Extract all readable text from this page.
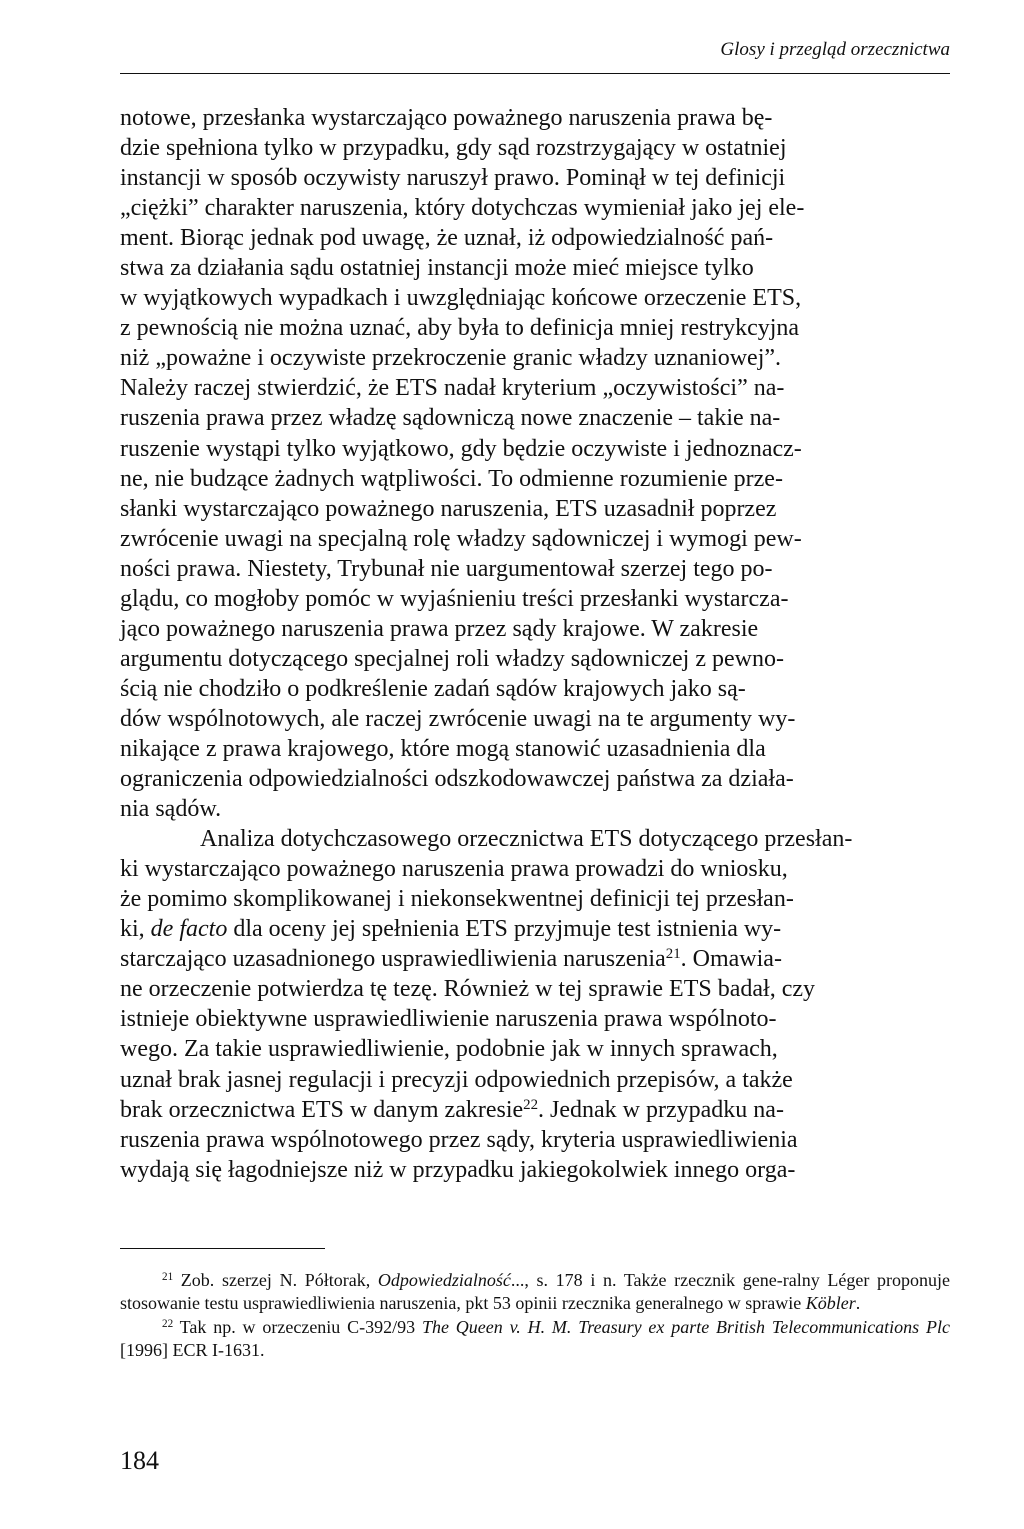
Glosy i przegląd orzecznictwa

notowe, przesłanka wystarczająco poważnego naruszenia prawa bę-
dzie spełniona tylko w przypadku, gdy sąd rozstrzygający w ostatniej
instancji w sposób oczywisty naruszył prawo. Pominął w tej definicji
„ciężki” charakter naruszenia, który dotychczas wymieniał jako jej ele-
ment. Biorąc jednak pod uwagę, że uznał, iż odpowiedzialność pań-
stwa za działania sądu ostatniej instancji może mieć miejsce tylko
w wyjątkowych wypadkach i uwzględniając końcowe orzeczenie ETS,
z pewnością nie można uznać, aby była to definicja mniej restrykcyjna
niż „poważne i oczywiste przekroczenie granic władzy uznaniowej”.
Należy raczej stwierdzić, że ETS nadał kryterium „oczywistości” na-
ruszenia prawa przez władzę sądowniczą nowe znaczenie – takie na-
ruszenie wystąpi tylko wyjątkowo, gdy będzie oczywiste i jednoznacz-
ne, nie budzące żadnych wątpliwości. To odmienne rozumienie prze-
słanki wystarczająco poważnego naruszenia, ETS uzasadnił poprzez
zwrócenie uwagi na specjalną rolę władzy sądowniczej i wymogi pew-
ności prawa. Niestety, Trybunał nie uargumentował szerzej tego po-
glądu, co mogłoby pomóc w wyjaśnieniu treści przesłanki wystarcza-
jąco poważnego naruszenia prawa przez sądy krajowe. W zakresie
argumentu dotyczącego specjalnej roli władzy sądowniczej z pewno-
ścią nie chodziło o podkreślenie zadań sądów krajowych jako są-
dów wspólnotowych, ale raczej zwrócenie uwagi na te argumenty wy-
nikające z prawa krajowego, które mogą stanowić uzasadnienia dla
ograniczenia odpowiedzialności odszkodowawczej państwa za działa-
nia sądów.

Analiza dotychczasowego orzecznictwa ETS dotyczącego przesłan-
ki wystarczająco poważnego naruszenia prawa prowadzi do wniosku,
że pomimo skomplikowanej i niekonsekwentnej definicji tej przesłan-
ki, de facto dla oceny jej spełnienia ETS przyjmuje test istnienia wy-
starczająco uzasadnionego usprawiedliwienia naruszenia$^{21}$. Omawia-
ne orzeczenie potwierdza tę tezę. Również w tej sprawie ETS badał, czy
istnieje obiektywne usprawiedliwienie naruszenia prawa wspólnoto-
wego. Za takie usprawiedliwienie, podobnie jak w innych sprawach,
uznał brak jasnej regulacji i precyzji odpowiednich przepisów, a także
brak orzecznictwa ETS w danym zakresie$^{22}$. Jednak w przypadku na-
ruszenia prawa wspólnotowego przez sądy, kryteria usprawiedliwienia
wydają się łagodniejsze niż w przypadku jakiegokolwiek innego orga-

$^{21}$ Zob. szerzej N. Półtorak, Odpowiedzialność..., s. 178 i n. Także rzecznik gene-ralny Léger proponuje stosowanie testu usprawiedliwienia naruszenia, pkt 53 opinii rzecznika generalnego w sprawie Köbler.

$^{22}$ Tak np. w orzeczeniu C-392/93 The Queen v. H. M. Treasury ex parte British Telecommunications Plc [1996] ECR I-1631.

184
